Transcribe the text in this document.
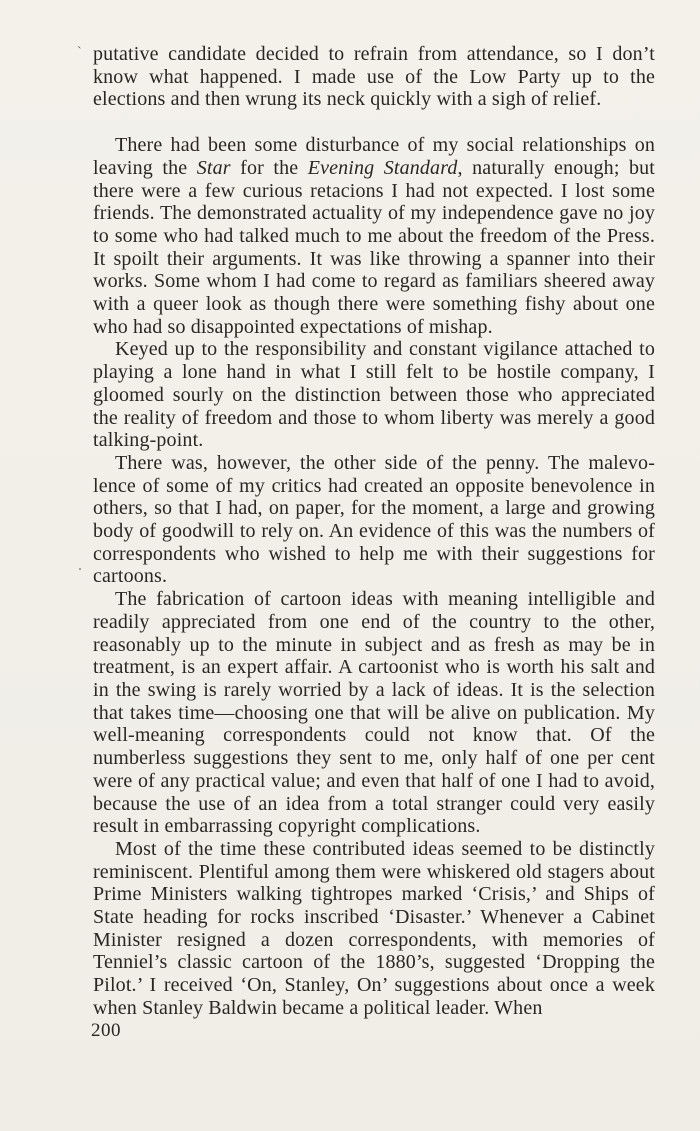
ˋ putative candidate decided to refrain from attendance, so I don’t know what happened. I made use of the Low Party up to the elections and then wrung its neck quickly with a sigh of relief.

There had been some disturbance of my social relationships on leaving the Star for the Evening Standard, naturally enough; but there were a few curious retacions I had not expected. I lost some friends. The demonstrated actuality of my independence gave no joy to some who had talked much to me about the freedom of the Press. It spoilt their arguments. It was like throwing a spanner into their works. Some whom I had come to regard as familiars sheered away with a queer look as though there were something fishy about one who had so disappointed expectations of mishap.

Keyed up to the responsibility and constant vigilance attached to playing a lone hand in what I still felt to be hostile company, I gloomed sourly on the distinction between those who appreciated the reality of freedom and those to whom liberty was merely a good talking-point.

There was, however, the other side of the penny. The malevo- lence of some of my critics had created an opposite benevolence in others, so that I had, on paper, for the moment, a large and growing body of goodwill to rely on. An evidence of this was the numbers of correspondents who wished to help me with their suggestions for cartoons.

The fabrication of cartoon ideas with meaning intelligible and readily appreciated from one end of the country to the other, reasonably up to the minute in subject and as fresh as may be in treatment, is an expert affair. A cartoonist who is worth his salt and in the swing is rarely worried by a lack of ideas. It is the selection that takes time—choosing one that will be alive on publication. My well-meaning correspondents could not know that. Of the numberless suggestions they sent to me, only half of one per cent were of any practical value; and even that half of one I had to avoid, because the use of an idea from a total stranger could very easily result in embarrassing copyright complications.

Most of the time these contributed ideas seemed to be distinctly reminiscent. Plentiful among them were whiskered old stagers about Prime Ministers walking tightropes marked ‘Crisis,’ and Ships of State heading for rocks inscribed ‘Disaster.’ Whenever a Cabinet Minister resigned a dozen correspondents, with memories of Tenniel’s classic cartoon of the 1880’s, suggested ‘Dropping the Pilot.’ I received ‘On, Stanley, On’ suggestions about once a week when Stanley Baldwin became a political leader. When

200
